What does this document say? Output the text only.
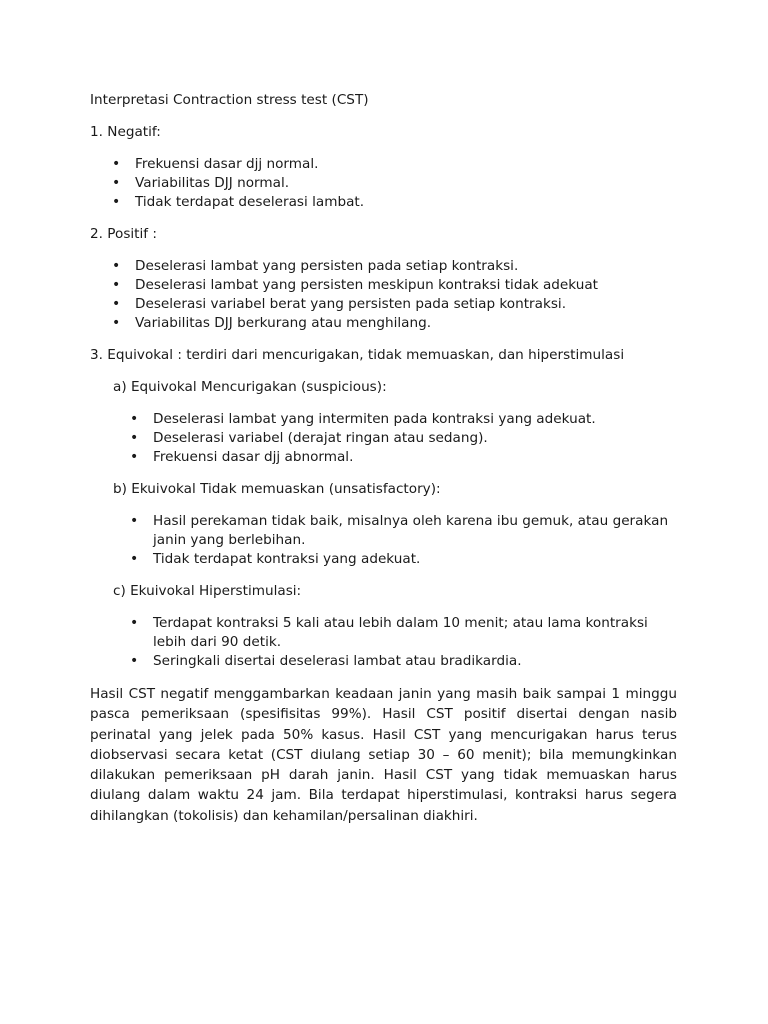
Interpretasi Contraction stress test (CST)

1. Negatif:

• Frekuensi dasar djj normal.
• Variabilitas DJJ normal.
• Tidak terdapat deselerasi lambat.

2. Positif :

• Deselerasi lambat yang persisten pada setiap kontraksi.
• Deselerasi lambat yang persisten meskipun kontraksi tidak adekuat
• Deselerasi variabel berat yang persisten pada setiap kontraksi.
• Variabilitas DJJ berkurang atau menghilang.

3. Equivokal : terdiri dari mencurigakan, tidak memuaskan, dan hiperstimulasi

a) Equivokal Mencurigakan (suspicious):

• Deselerasi lambat yang intermiten pada kontraksi yang adekuat.
• Deselerasi variabel (derajat ringan atau sedang).
• Frekuensi dasar djj abnormal.

b) Ekuivokal Tidak memuaskan (unsatisfactory):

• Hasil perekaman tidak baik, misalnya oleh karena ibu gemuk, atau gerakan janin yang berlebihan.
• Tidak terdapat kontraksi yang adekuat.

c) Ekuivokal Hiperstimulasi:

• Terdapat kontraksi 5 kali atau lebih dalam 10 menit; atau lama kontraksi lebih dari 90 detik.
• Seringkali disertai deselerasi lambat atau bradikardia.

Hasil CST negatif menggambarkan keadaan janin yang masih baik sampai 1 minggu pasca pemeriksaan (spesifisitas 99%). Hasil CST positif disertai dengan nasib perinatal yang jelek pada 50% kasus. Hasil CST yang mencurigakan harus terus diobservasi secara ketat (CST diulang setiap 30 – 60 menit); bila memungkinkan dilakukan pemeriksaan pH darah janin. Hasil CST yang tidak memuaskan harus diulang dalam waktu 24 jam. Bila terdapat hiperstimulasi, kontraksi harus segera dihilangkan (tokolisis) dan kehamilan/persalinan diakhiri.
